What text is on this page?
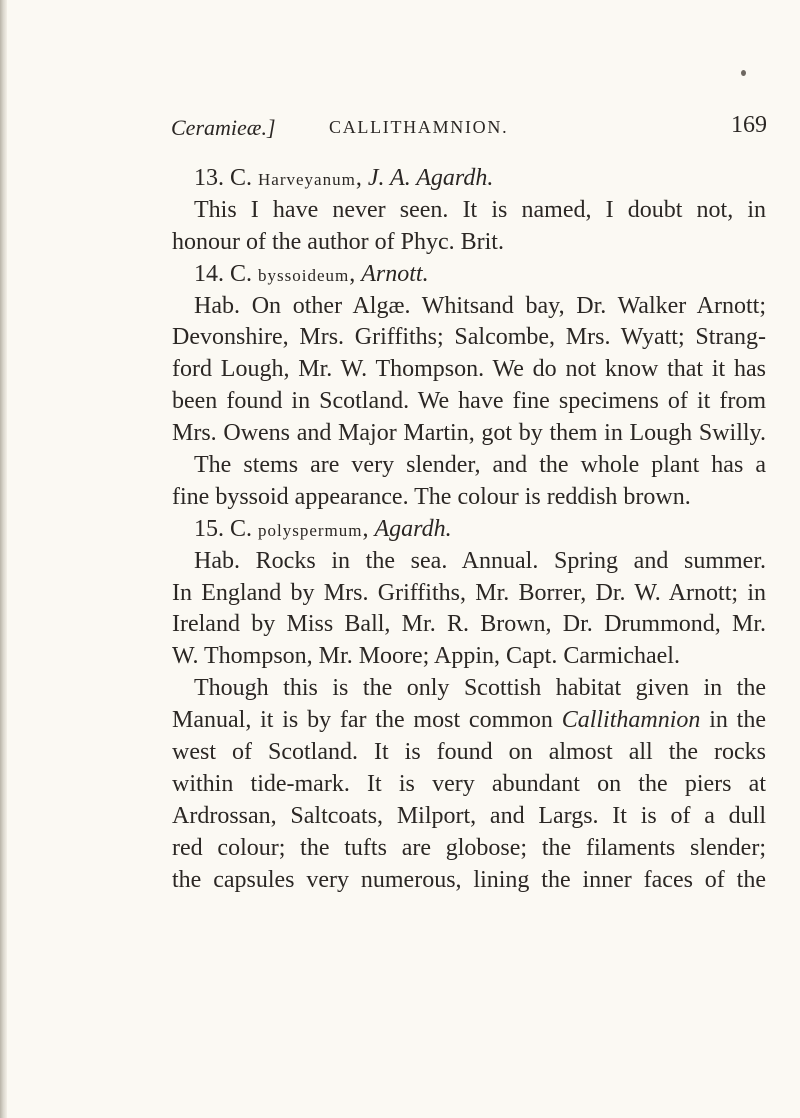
Ceramieæ.]	CALLITHAMNION.	169
13. C. Harveyanum, J. A. Agardh.
This I have never seen. It is named, I doubt not, in
honour of the author of Phyc. Brit.
14. C. byssoideum, Arnott.
Hab. On other Algæ. Whitsand bay, Dr. Walker Arnott;
Devonshire, Mrs. Griffiths; Salcombe, Mrs. Wyatt; Strang-
ford Lough, Mr. W. Thompson. We do not know that it has
been found in Scotland. We have fine specimens of it from
Mrs. Owens and Major Martin, got by them in Lough Swilly.
The stems are very slender, and the whole plant has a
fine byssoid appearance. The colour is reddish brown.
15. C. polyspermum, Agardh.
Hab. Rocks in the sea. Annual. Spring and summer.
In England by Mrs. Griffiths, Mr. Borrer, Dr. W. Arnott; in
Ireland by Miss Ball, Mr. R. Brown, Dr. Drummond, Mr.
W. Thompson, Mr. Moore; Appin, Capt. Carmichael.
Though this is the only Scottish habitat given in the
Manual, it is by far the most common Callithamnion in the
west of Scotland. It is found on almost all the rocks
within tide-mark. It is very abundant on the piers at
Ardrossan, Saltcoats, Milport, and Largs. It is of a dull
red colour; the tufts are globose; the filaments slender;
the capsules very numerous, lining the inner faces of the
